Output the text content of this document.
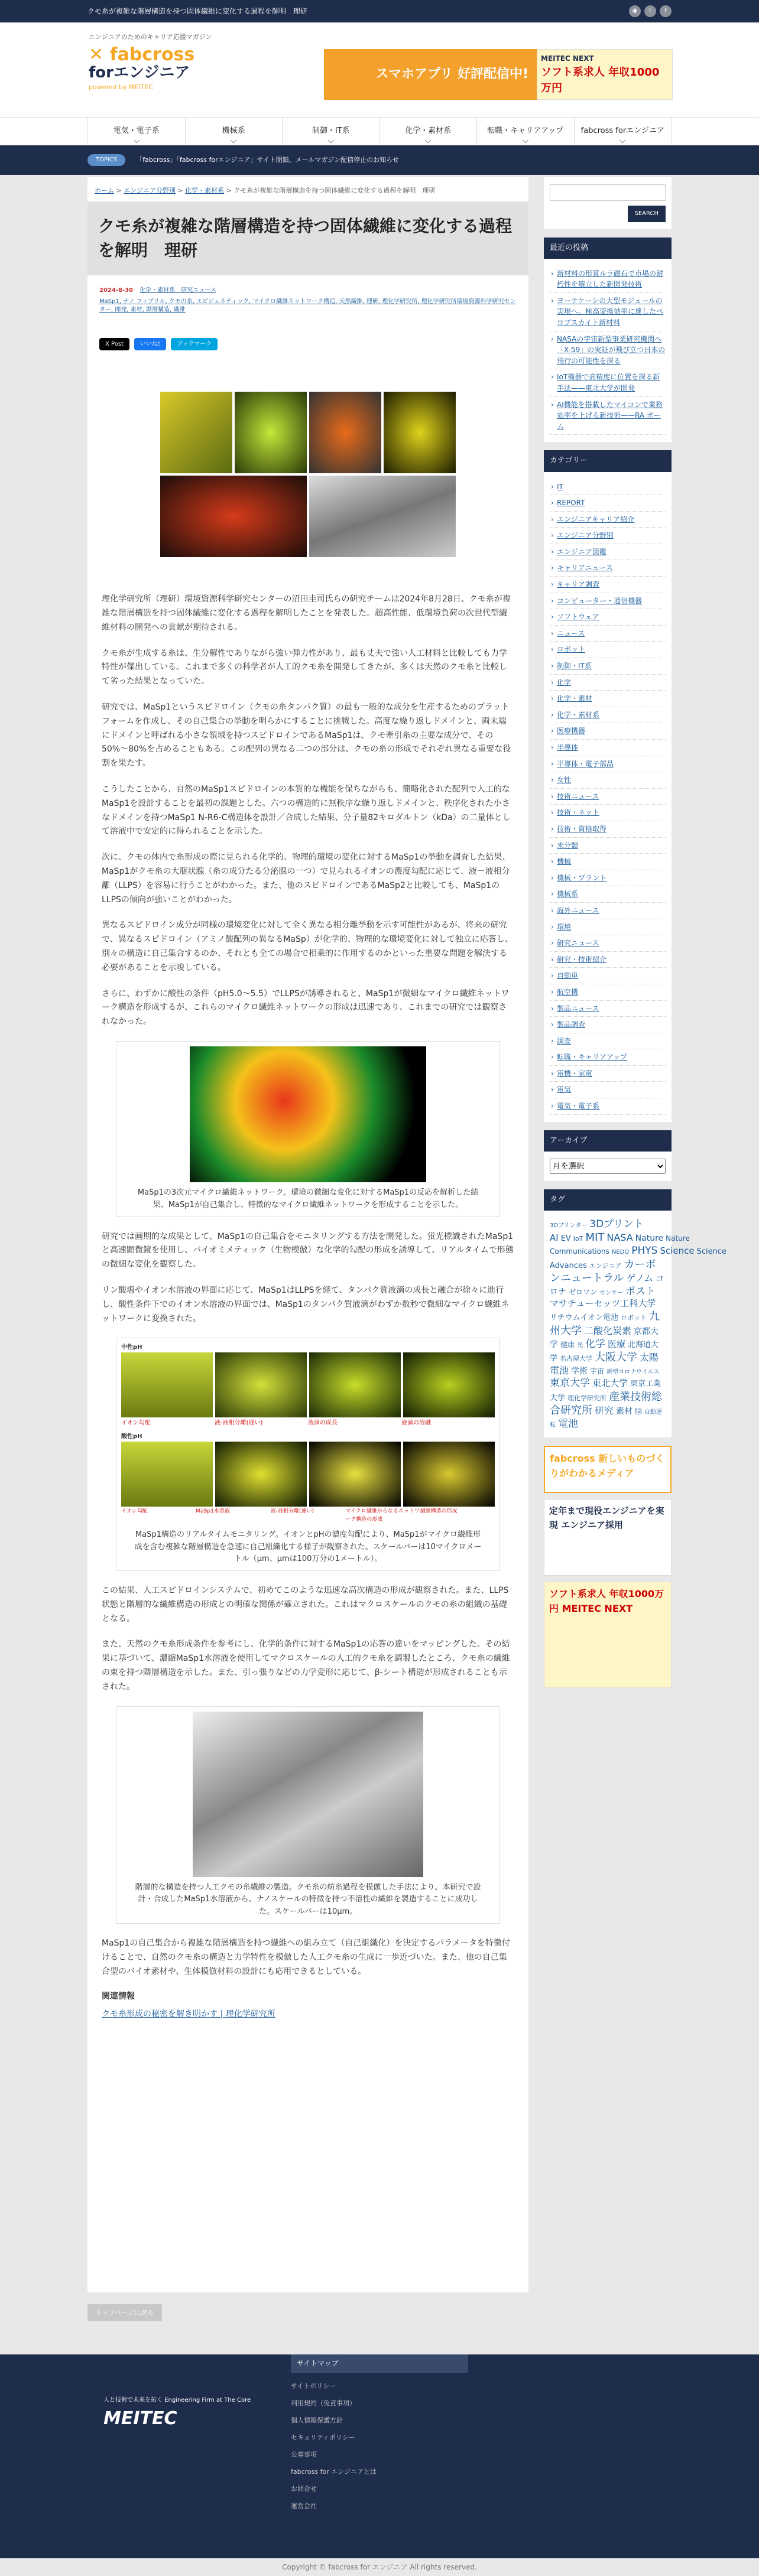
クモ糸が複雑な階層構造を持つ固体繊維に変化する過程を解明　理研	◉	t	f
エンジニアのためのキャリア応援マガジン
✕ fabcross
forエンジニア
powered by MEITEC
スマホアプリ 好評配信中!
MEITEC NEXT
ソフト系求人 年収1000万円
電気・電子系	機械系	制御・IT系	化学・素材系	転職・キャリアアップ	fabcross forエンジニア
TOPICS	「fabcross」「fabcross forエンジニア」サイト閉鎖、メールマガジン配信停止のお知らせ
ホーム > エンジニア分野別 > 化学・素材系 > クモ糸が複雑な階層構造を持つ固体繊維に変化する過程を解明　理研
クモ糸が複雑な階層構造を持つ固体繊維に変化する過程を解明　理研
2024-8-30 化学・素材系　研究ニュース
MaSp1, ナノ フィブリル, クモの糸, エピジェネティック, マイクロ繊維ネットワーク構造, 天然繊維, 理研, 理化学研究所, 理化学研究所環境資源科学研究センター, 開発, 素材, 階層構造, 繊維
X Post	いいね!	ブックマーク

理化学研究所（理研）環境資源科学研究センターの沼田圭司氏らの研究チームは2024年8月28日、クモ糸が複雑な階層構造を持つ固体繊維に変化する過程を解明したことを発表した。超高性能、低環境負荷の次世代型繊維材料の開発への貢献が期待される。

クモ糸が生成する糸は、生分解性でありながら強い弾力性があり、最も丈夫で強い人工材料と比較しても力学特性が傑出している。これまで多くの科学者が人工的クモ糸を開発してきたが、多くは天然のクモ糸と比較して劣った結果となっていた。

研究では、MaSp1というスピドロイン（クモの糸タンパク質）の最も一般的な成分を生産するためのプラットフォームを作成し、その自己集合の挙動を明らかにすることに挑戦した。高度な繰り返しドメインと、両末端にドメインと呼ばれる小さな領域を持つスピドロインであるMaSp1は、クモ牽引糸の主要な成分で、その50%〜80%を占めることもある。この配列の異なる二つの部分は、クモの糸の形成でそれぞれ異なる重要な役割を果たす。

こうしたことから、自然のMaSp1スピドロインの本質的な機能を保ちながらも、簡略化された配列で人工的なMaSp1を設計することを最初の課題とした。六つの構造的に無秩序な繰り返しドメインと、秩序化された小さなドメインを持つMaSp1 N-R6-C構造体を設計／合成した結果、分子量82キロダルトン（kDa）の二量体として溶液中で安定的に得られることを示した。

次に、クモの体内で糸形成の際に見られる化学的、物理的環境の変化に対するMaSp1の挙動を調査した結果、MaSp1がクモ糸の大瓶状腺（糸の成分たる分泌腺の一つ）で見られるイオンの濃度勾配に応じて、液－液相分離（LLPS）を容易に行うことがわかった。また、他のスピドロインであるMaSp2と比較しても、MaSp1のLLPSの傾向が強いことがわかった。

異なるスピドロイン成分が同様の環境変化に対して全く異なる相分離挙動を示す可能性があるが、将来の研究で、異なるスピドロイン（アミノ酸配列の異なるMaSp）が化学的、物理的な環境変化に対して独立に応答し、別々の構造に自己集合するのか、それとも全ての場合で相乗的に作用するのかといった重要な問題を解決する必要があることを示唆している。

さらに、わずかに酸性の条件（pH5.0〜5.5）でLLPSが誘導されると、MaSp1が微細なマイクロ繊維ネットワーク構造を形成するが、これらのマイクロ繊維ネットワークの形成は迅速であり、これまでの研究では観察されなかった。

MaSp1の3次元マイクロ繊維ネットワーク。環境の微細な変化に対するMaSp1の反応を解析した結果、MaSp1が自己集合し、特徴的なマイクロ繊維ネットワークを形成することを示した。

研究では画期的な成果として、MaSp1の自己集合をモニタリングする方法を開発した。蛍光標識されたMaSp1と高速顕微鏡を使用し、バイオミメティック（生物模倣）な化学的勾配の形成を誘導して、リアルタイムで形態の微細な変化を観察した。

リン酸塩やイオン水溶液の界面に応じて、MaSp1はLLPSを経て、タンパク質液滴の成長と融合が徐々に進行し、酸性条件下でのイオン水溶液の界面では、MaSp1のタンパク質液滴がわずか数秒で微細なマイクロ繊維ネットワークに変換された。

中性pH
イオン勾配	液-液相分離(遅い)	液滴の成長	液滴の溶融
酸性pH
イオン勾配	MaSp1水溶液	液-液相分離(速い)	マイクロ繊維からなるネットワーク構造の形成
繊維構造の形成
MaSp1構造のリアルタイムモニタリング。イオンとpHの濃度勾配により、MaSp1がマイクロ繊維形成を含む複雑な階層構造を急速に自己組織化する様子が観察された。スケールバーは10マイクロメートル（μm、μmは100万分の1メートル）。

この結果、人工スピドロインシステムで、初めてこのような迅速な高次構造の形成が観察された。また、LLPS状態と階層的な繊維構造の形成との明確な関係が確立された。これはマクロスケールのクモの糸の組織の基礎となる。

また、天然のクモ糸形成条件を参考にし、化学的条件に対するMaSp1の応答の違いをマッピングした。その結果に基づいて、濃縮MaSp1水溶液を使用してマクロスケールの人工的クモ糸を調製したところ、クモ糸の繊維の束を持つ階層構造を示した。また、引っ張りなどの力学変形に応じて、β-シート構造が形成されることも示された。

階層的な構造を持つ人工クモの糸繊維の製造。クモ糸の紡糸過程を模倣した手法により、本研究で設計・合成したMaSp1水溶液から、ナノスケールの特徴を持つ不溶性の繊維を製造することに成功した。スケールバーは10μm。

MaSp1の自己集合から複雑な階層構造を持つ繊維への組み立て（自己組織化）を決定するパラメータを特徴付けることで、自然のクモ糸の構造と力学特性を模倣した人工クモ糸の生成に一歩近づいた。また、他の自己集合型のバイオ素材や、生体模倣材料の設計にも応用できるとしている。

関連情報
クモ糸形成の秘密を解き明かす | 理化学研究所
トップページに戻る
SEARCH
最近の投稿
› 新材料の形質ルラ磁石で市場の耐朽性を確立した新開発技術
› ヨーテケーシの大型モジュールの実現へ。極高変換効率に達したペロブスカイト新材料
› NASAの宇宙新型事業研究機関へ「X-59」の実証が飛び立つ日本の飛行の可能性を探る
› IoT機器で高精度に位置を探る新手法——東北大学が開発
› AI機能を搭載したマイコンで業務効率を上げる新技術——RA ポーム
カテゴリー
› IT
› REPORT
› エンジニアキャリア紹介
› エンジニア分野別
› エンジニア図鑑
› キャリアニュース
› キャリア調査
› コンピューター・通信機器
› ソフトウェア
› ニュース
› ロボット
› 制御・IT系
› 化学
› 化学・素材
› 化学・素材系
› 医療機器
› 半導体
› 半導体・電子部品
› 女性
› 技術ニュース
› 技術・ネット
› 技術・資格取得
› 未分類
› 機械
› 機械・プラント
› 機械系
› 海外ニュース
› 環境
› 研究ニュース
› 研究・技術紹介
› 自動車
› 航空機
› 製品ニュース
› 製品調査
› 調査
› 転職・キャリアアップ
› 電機・家電
› 電気
› 電気・電子系
アーカイブ
月を選択
タグ
3Dプリンター 3DプリントAI EV IoT MIT NASA Nature Nature Communications NEDO PHYS Science Science Advances エンジニア カーボンニュートラル ゲノム コロナ ゼロワン センサー ポストマサチューセッツ工科大学リチウムイオン電池 ロボット 九州大学 二酸化炭素 京都大学 健康 光 化学 医療 北海道大学 名古屋大学 大阪大学 太陽電池 学術 宇宙 新型コロナウイルス東京大学 東北大学 東京工業大学 理化学研究所 産業技術総合研究所 研究 素材 脳 自動運転 電池
fabcross 新しいものづくりがわかるメディア
定年まで現役エンジニアを実現 エンジニア採用
ソフト系求人 年収1000万円 MEITEC NEXT
人と技術で未来を拓く Engineering Firm at The Core
MEITEC
サイトマップ
サイトポリシー
利用規約（免責事項）
個人情報保護方針
セキュリティポリシー
公募事項
fabcross for エンジニアとは
お問合せ
運営会社
Copyright © fabcross for エンジニア All rights reserved.
